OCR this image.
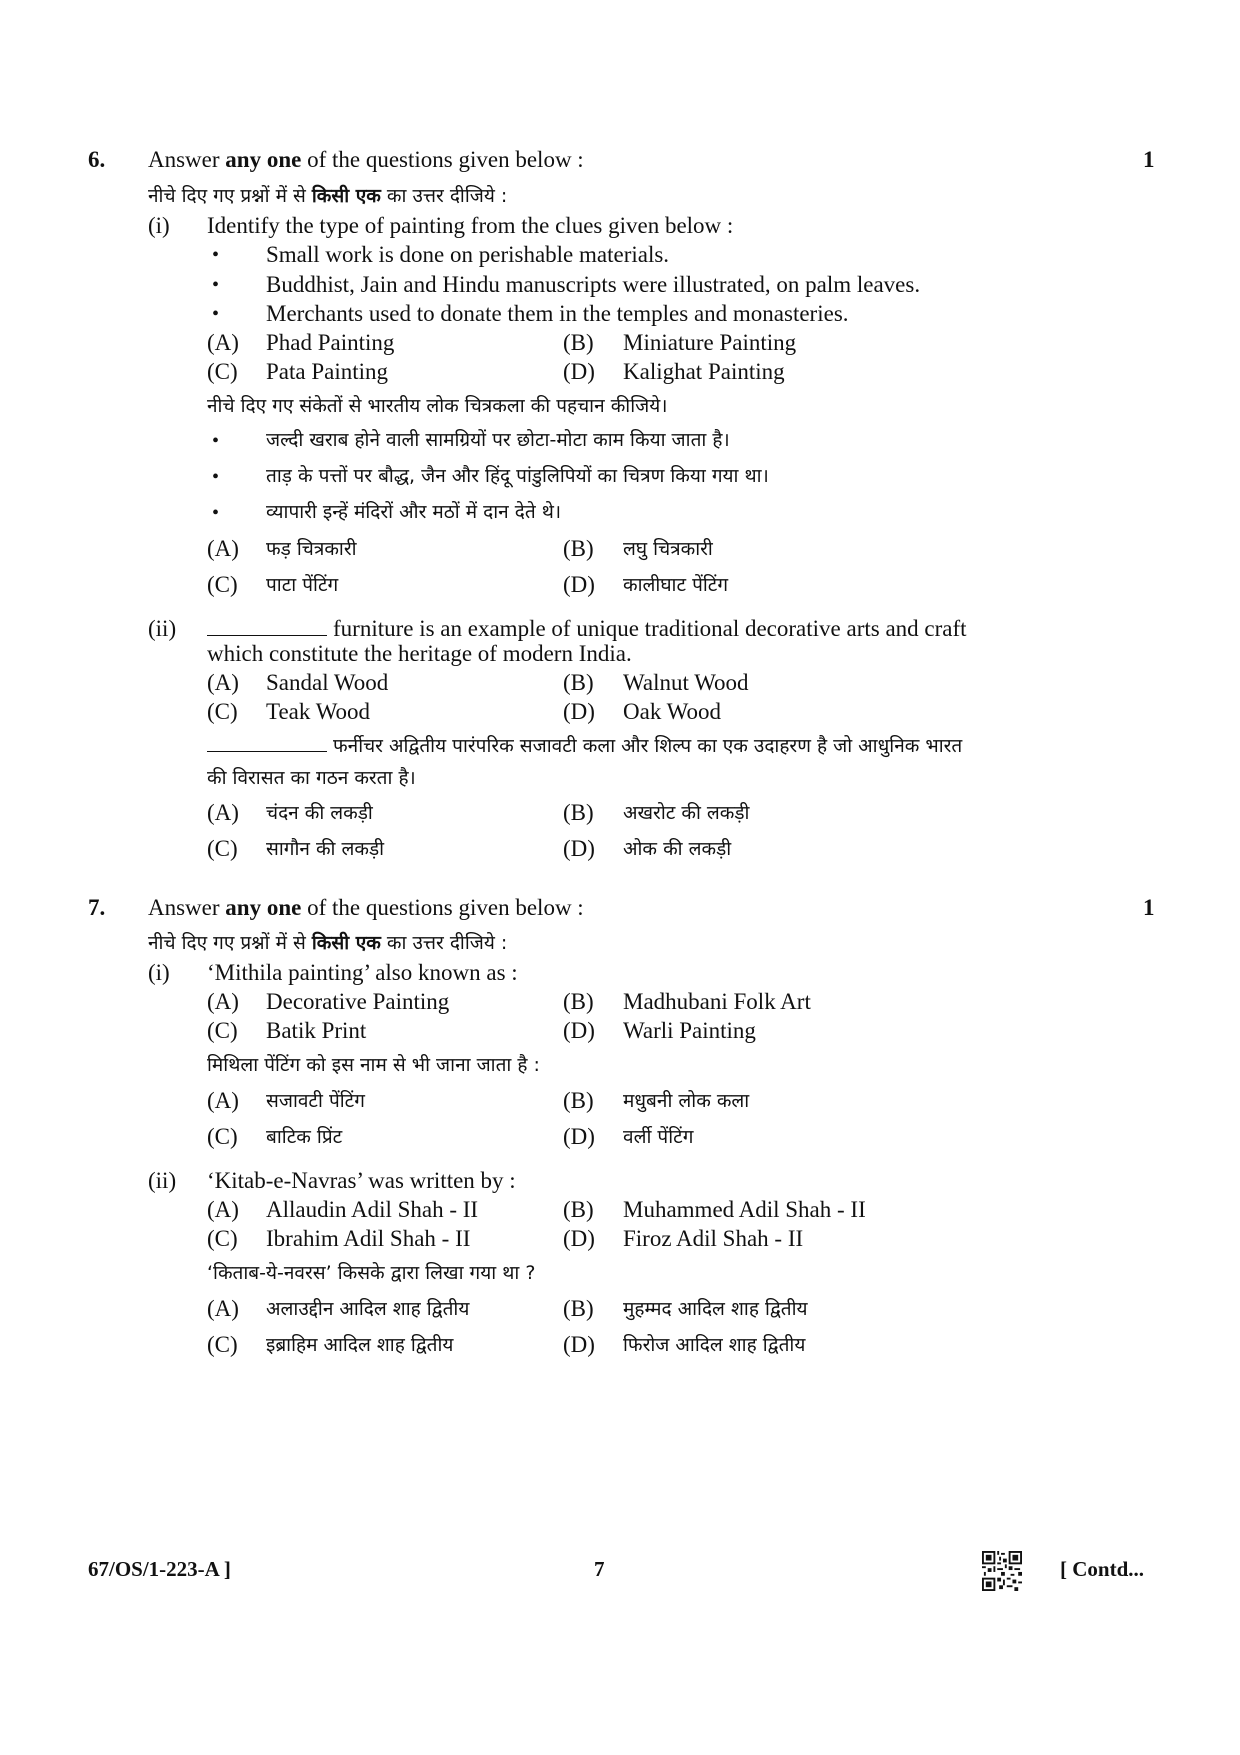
6. Answer any one of the questions given below :	1
नीचे दिए गए प्रश्नों में से किसी एक का उत्तर दीजिये :
(i) Identify the type of painting from the clues given below :
• Small work is done on perishable materials.
• Buddhist, Jain and Hindu manuscripts were illustrated, on palm leaves.
• Merchants used to donate them in the temples and monasteries.
(A) Phad Painting	(B) Miniature Painting
(C) Pata Painting	(D) Kalighat Painting
नीचे दिए गए संकेतों से भारतीय लोक चित्रकला की पहचान कीजिये।
• जल्दी खराब होने वाली सामग्रियों पर छोटा-मोटा काम किया जाता है।
• ताड़ के पत्तों पर बौद्ध, जैन और हिंदू पांडुलिपियों का चित्रण किया गया था।
• व्यापारी इन्हें मंदिरों और मठों में दान देते थे।
(A) फड़ चित्रकारी	(B) लघु चित्रकारी
(C) पाटा पेंटिंग	(D) कालीघाट पेंटिंग
(ii)	furniture is an example of unique traditional decorative arts and craft
which constitute the heritage of modern India.
(A) Sandal Wood	(B) Walnut Wood
(C) Teak Wood	(D) Oak Wood
फर्नीचर अद्वितीय पारंपरिक सजावटी कला और शिल्प का एक उदाहरण है जो आधुनिक भारत
की विरासत का गठन करता है।
(A) चंदन की लकड़ी	(B) अखरोट की लकड़ी
(C) सागौन की लकड़ी	(D) ओक की लकड़ी
7. Answer any one of the questions given below :	1
नीचे दिए गए प्रश्नों में से किसी एक का उत्तर दीजिये :
(i) ‘Mithila painting’ also known as :
(A) Decorative Painting	(B) Madhubani Folk Art
(C) Batik Print	(D) Warli Painting
मिथिला पेंटिंग को इस नाम से भी जाना जाता है :
(A) सजावटी पेंटिंग	(B) मधुबनी लोक कला
(C) बाटिक प्रिंट	(D) वर्ली पेंटिंग
(ii) ‘Kitab-e-Navras’ was written by :
(A) Allaudin Adil Shah - II	(B) Muhammed Adil Shah - II
(C) Ibrahim Adil Shah - II	(D) Firoz Adil Shah - II
‘किताब-ये-नवरस’ किसके द्वारा लिखा गया था ?
(A) अलाउद्दीन आदिल शाह द्वितीय	(B) मुहम्मद आदिल शाह द्वितीय
(C) इब्राहिम आदिल शाह द्वितीय	(D) फिरोज आदिल शाह द्वितीय
67/OS/1-223-A ]	7	[ Contd...
